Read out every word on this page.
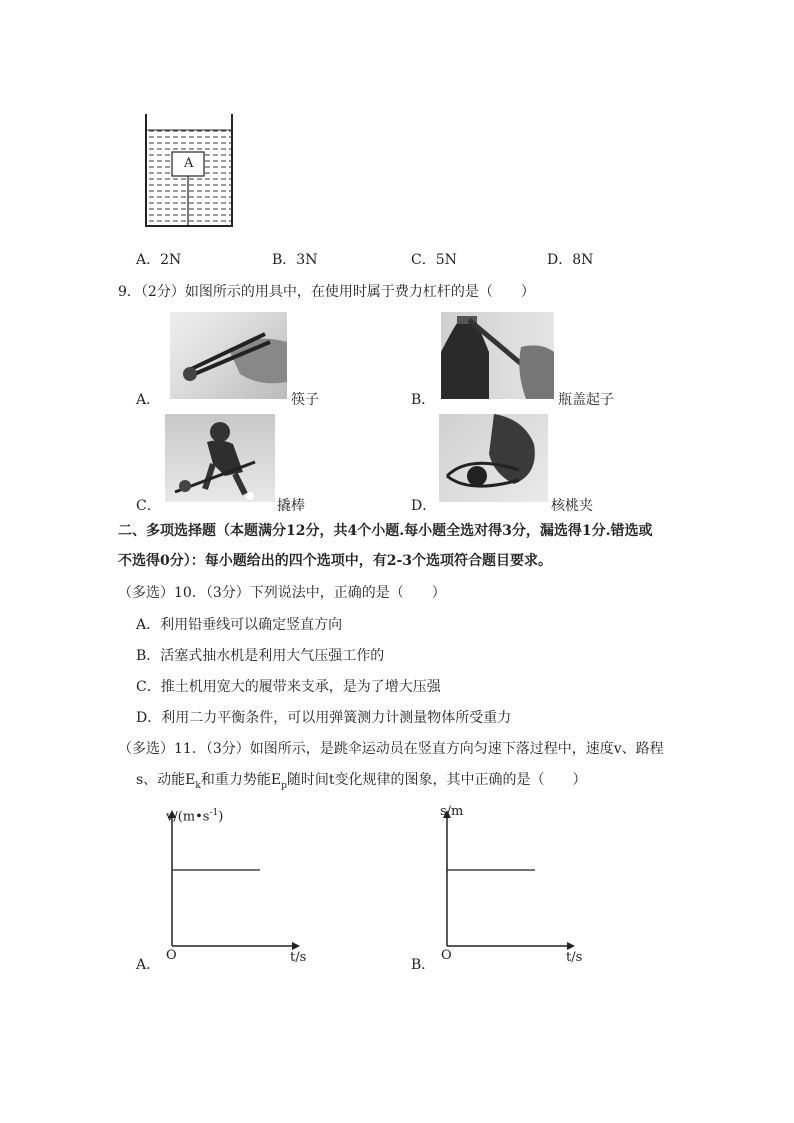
A
A．2N	B．3N	C．5N	D．8N
9．（2分）如图所示的用具中，在使用时属于费力杠杆的是（　　）
A．	筷子	B．	瓶盖起子
C．	撬棒	D．	核桃夹
二、多项选择题（本题满分12分，共4个小题.每小题全选对得3分，漏选得1分.错选或
不选得0分）：每小题给出的四个选项中，有2-3个选项符合题目要求。
（多选）10．（3分）下列说法中，正确的是（　　）
A．利用铅垂线可以确定竖直方向
B．活塞式抽水机是利用大气压强工作的
C．推土机用宽大的履带来支承，是为了增大压强
D．利用二力平衡条件，可以用弹簧测力计测量物体所受重力
（多选）11．（3分）如图所示，是跳伞运动员在竖直方向匀速下落过程中，速度v、路程
s、动能$E_k$和重力势能$E_p$随时间t变化规律的图象，其中正确的是（　　）
A．
$v/(m•s^{-1})$
t/s
O
B．
s/m
t/s
O
